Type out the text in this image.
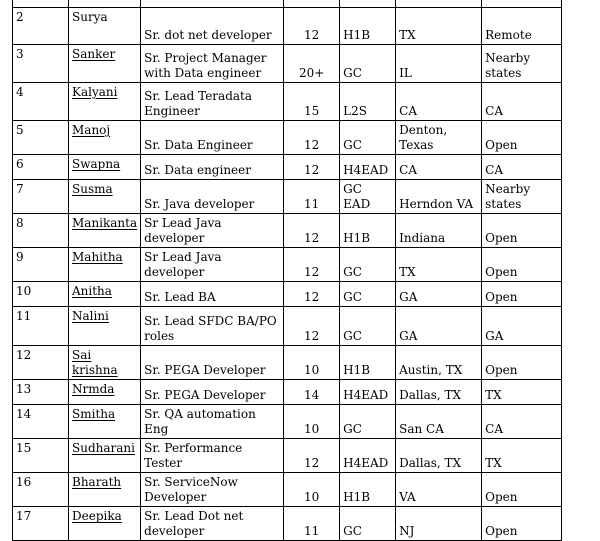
2	Surya	Sr. dot net developer	12	H1B	TX	Remote
3	Sanker	Sr. Project Manager with Data engineer	20+	GC	IL	Nearby states
4	Kalyani	Sr. Lead Teradata Engineer	15	L2S	CA	CA
5	Manoj	Sr. Data Engineer	12	GC	Denton, Texas	Open
6	Swapna	Sr. Data engineer	12	H4EAD	CA	CA
7	Susma	Sr. Java developer	11	GC EAD	Herndon VA	Nearby states
8	Manikanta	Sr Lead Java developer	12	H1B	Indiana	Open
9	Mahitha	Sr Lead Java developer	12	GC	TX	Open
10	Anitha	Sr. Lead BA	12	GC	GA	Open
11	Nalini	Sr. Lead SFDC BA/PO roles	12	GC	GA	GA
12	Sai krishna	Sr. PEGA Developer	10	H1B	Austin, TX	Open
13	Nrmda	Sr. PEGA Developer	14	H4EAD	Dallas, TX	TX
14	Smitha	Sr. QA automation Eng	10	GC	San CA	CA
15	Sudharani	Sr. Performance Tester	12	H4EAD	Dallas, TX	TX
16	Bharath	Sr. ServiceNow Developer	10	H1B	VA	Open
17	Deepika	Sr. Lead Dot net developer	11	GC	NJ	Open
